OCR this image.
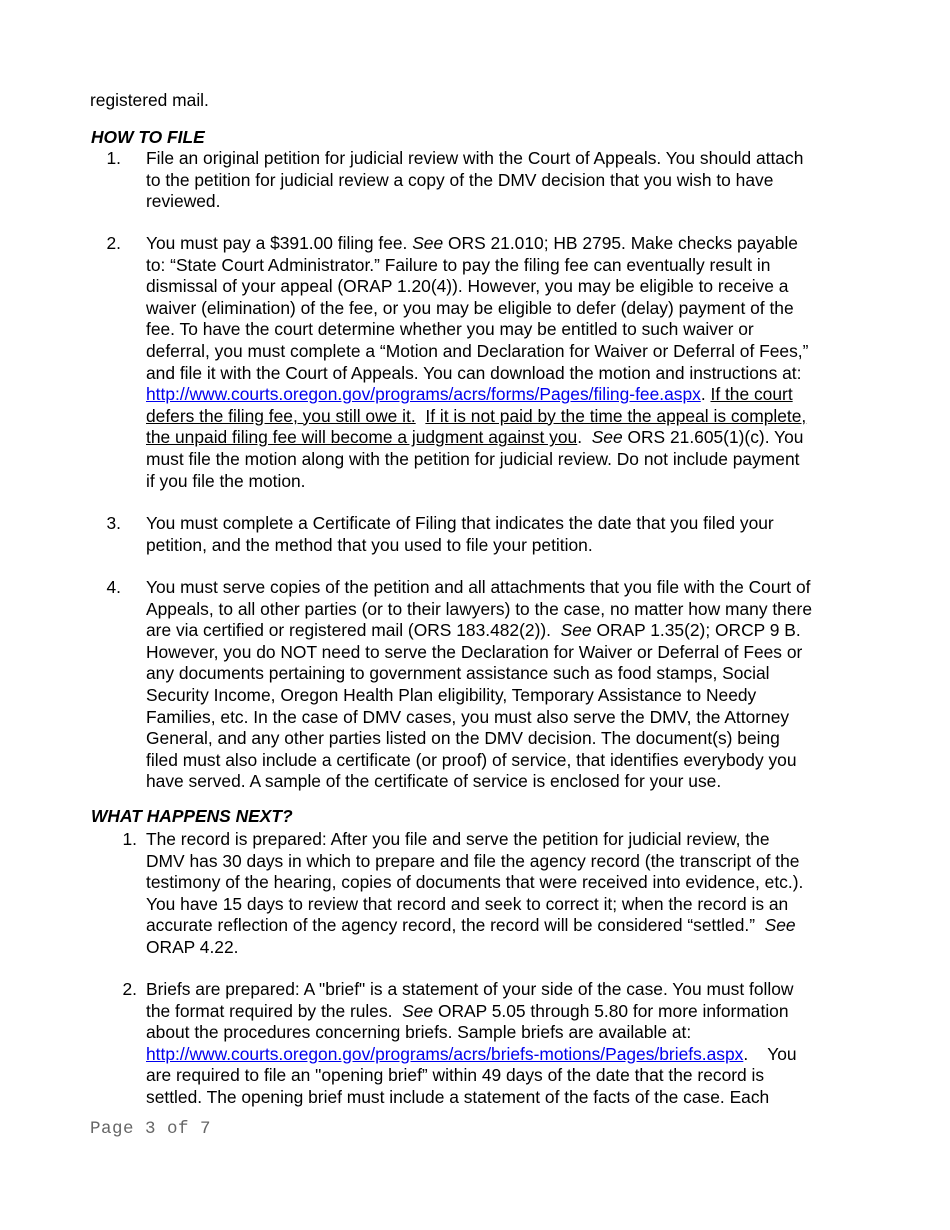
registered mail.

HOW TO FILE
1. File an original petition for judicial review with the Court of Appeals. You should attach
to the petition for judicial review a copy of the DMV decision that you wish to have
reviewed.
2. You must pay a $391.00 filing fee. See ORS 21.010; HB 2795. Make checks payable
to: “State Court Administrator.” Failure to pay the filing fee can eventually result in
dismissal of your appeal (ORAP 1.20(4)). However, you may be eligible to receive a
waiver (elimination) of the fee, or you may be eligible to defer (delay) payment of the
fee. To have the court determine whether you may be entitled to such waiver or
deferral, you must complete a “Motion and Declaration for Waiver or Deferral of Fees,”
and file it with the Court of Appeals. You can download the motion and instructions at:
http://www.courts.oregon.gov/programs/acrs/forms/Pages/filing-fee.aspx. If the court
defers the filing fee, you still owe it. If it is not paid by the time the appeal is complete,
the unpaid filing fee will become a judgment against you.  See ORS 21.605(1)(c). You
must file the motion along with the petition for judicial review. Do not include payment
if you file the motion.
3. You must complete a Certificate of Filing that indicates the date that you filed your
petition, and the method that you used to file your petition.
4. You must serve copies of the petition and all attachments that you file with the Court of
Appeals, to all other parties (or to their lawyers) to the case, no matter how many there
are via certified or registered mail (ORS 183.482(2)).  See ORAP 1.35(2); ORCP 9 B.
However, you do NOT need to serve the Declaration for Waiver or Deferral of Fees or
any documents pertaining to government assistance such as food stamps, Social
Security Income, Oregon Health Plan eligibility, Temporary Assistance to Needy
Families, etc. In the case of DMV cases, you must also serve the DMV, the Attorney
General, and any other parties listed on the DMV decision. The document(s) being
filed must also include a certificate (or proof) of service, that identifies everybody you
have served. A sample of the certificate of service is enclosed for your use.
WHAT HAPPENS NEXT?
1. The record is prepared: After you file and serve the petition for judicial review, the
DMV has 30 days in which to prepare and file the agency record (the transcript of the
testimony of the hearing, copies of documents that were received into evidence, etc.).
You have 15 days to review that record and seek to correct it; when the record is an
accurate reflection of the agency record, the record will be considered “settled.”  See
ORAP 4.22.
2. Briefs are prepared: A "brief" is a statement of your side of the case. You must follow
the format required by the rules.  See ORAP 5.05 through 5.80 for more information
about the procedures concerning briefs. Sample briefs are available at:
http://www.courts.oregon.gov/programs/acrs/briefs-motions/Pages/briefs.aspx.    You
are required to file an "opening brief” within 49 days of the date that the record is
settled. The opening brief must include a statement of the facts of the case. Each
Page 3 of 7
